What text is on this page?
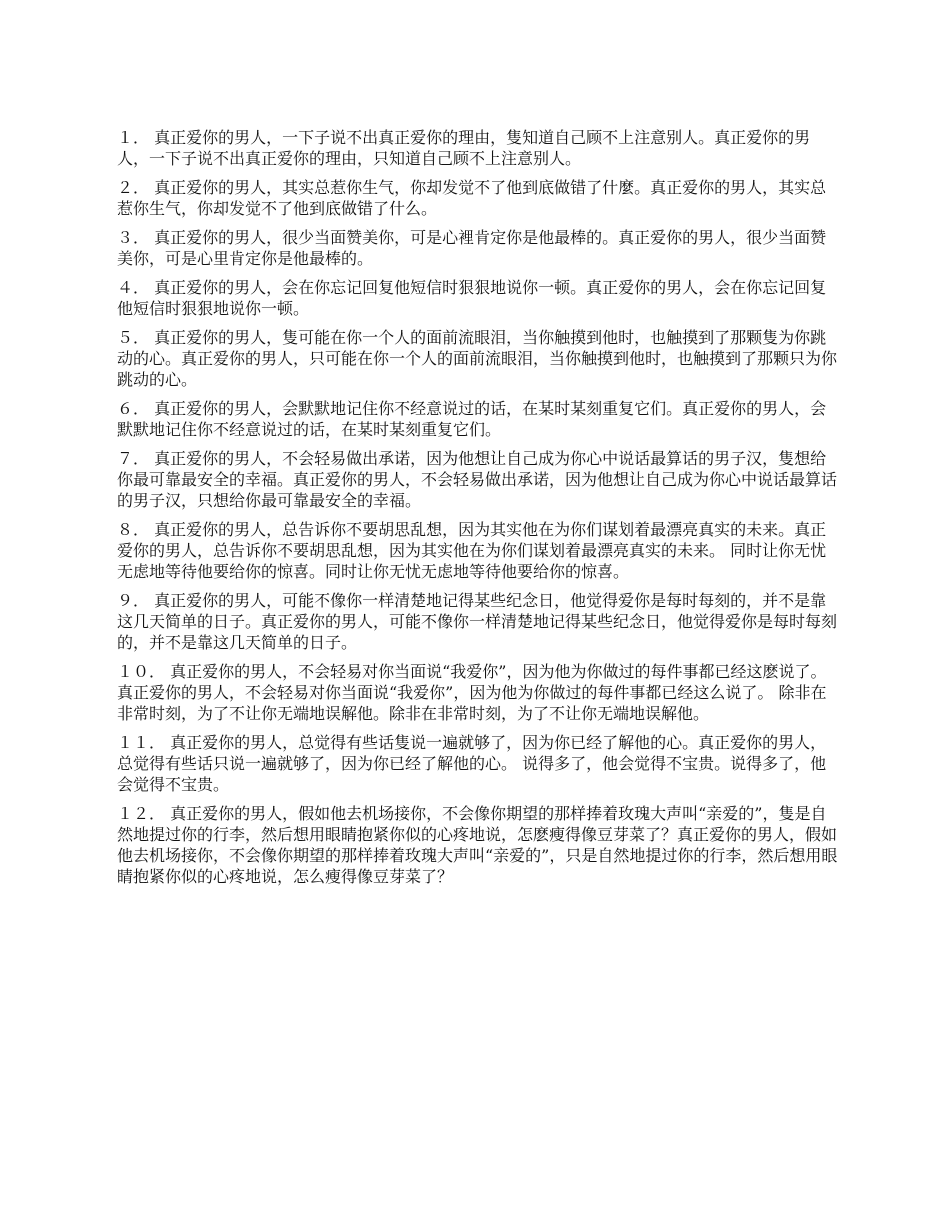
１． 真正爱你的男人，一下子说不出真正爱你的理由，隻知道自己顾不上注意别人。真正爱你的男人，一下子说不出真正爱你的理由，只知道自己顾不上注意别人。

２． 真正爱你的男人，其实总惹你生气，你却发觉不了他到底做错了什麼。真正爱你的男人，其实总惹你生气，你却发觉不了他到底做错了什么。

３． 真正爱你的男人，很少当面赞美你，可是心裡肯定你是他最棒的。真正爱你的男人，很少当面赞美你，可是心里肯定你是他最棒的。

４． 真正爱你的男人，会在你忘记回复他短信时狠狠地说你一顿。真正爱你的男人，会在你忘记回复他短信时狠狠地说你一顿。

５． 真正爱你的男人，隻可能在你一个人的面前流眼泪，当你触摸到他时，也触摸到了那颗隻为你跳动的心。真正爱你的男人，只可能在你一个人的面前流眼泪，当你触摸到他时，也触摸到了那颗只为你跳动的心。

６． 真正爱你的男人，会默默地记住你不经意说过的话，在某时某刻重复它们。真正爱你的男人，会默默地记住你不经意说过的话，在某时某刻重复它们。

７． 真正爱你的男人，不会轻易做出承诺，因为他想让自己成为你心中说话最算话的男子汉，隻想给你最可靠最安全的幸福。真正爱你的男人，不会轻易做出承诺，因为他想让自己成为你心中说话最算话的男子汉，只想给你最可靠最安全的幸福。

８． 真正爱你的男人，总告诉你不要胡思乱想，因为其实他在为你们谋划着最漂亮真实的未来。真正爱你的男人，总告诉你不要胡思乱想，因为其实他在为你们谋划着最漂亮真实的未来。 同时让你无忧无虑地等待他要给你的惊喜。同时让你无忧无虑地等待他要给你的惊喜。

９． 真正爱你的男人，可能不像你一样清楚地记得某些纪念日，他觉得爱你是每时每刻的，并不是靠这几天简单的日子。真正爱你的男人，可能不像你一样清楚地记得某些纪念日，他觉得爱你是每时每刻的，并不是靠这几天简单的日子。

１０． 真正爱你的男人，不会轻易对你当面说“我爱你”，因为他为你做过的每件事都已经这麽说了。真正爱你的男人，不会轻易对你当面说“我爱你”，因为他为你做过的每件事都已经这么说了。 除非在非常时刻，为了不让你无端地误解他。除非在非常时刻，为了不让你无端地误解他。

１１． 真正爱你的男人，总觉得有些话隻说一遍就够了，因为你已经了解他的心。真正爱你的男人，总觉得有些话只说一遍就够了，因为你已经了解他的心。 说得多了，他会觉得不宝贵。说得多了，他会觉得不宝贵。

１２． 真正爱你的男人，假如他去机场接你，不会像你期望的那样捧着玫瑰大声叫“亲爱的”，隻是自然地提过你的行李，然后想用眼睛抱紧你似的心疼地说，怎麽瘦得像豆芽菜了？真正爱你的男人，假如他去机场接你，不会像你期望的那样捧着玫瑰大声叫“亲爱的”，只是自然地提过你的行李，然后想用眼睛抱紧你似的心疼地说，怎么瘦得像豆芽菜了？
